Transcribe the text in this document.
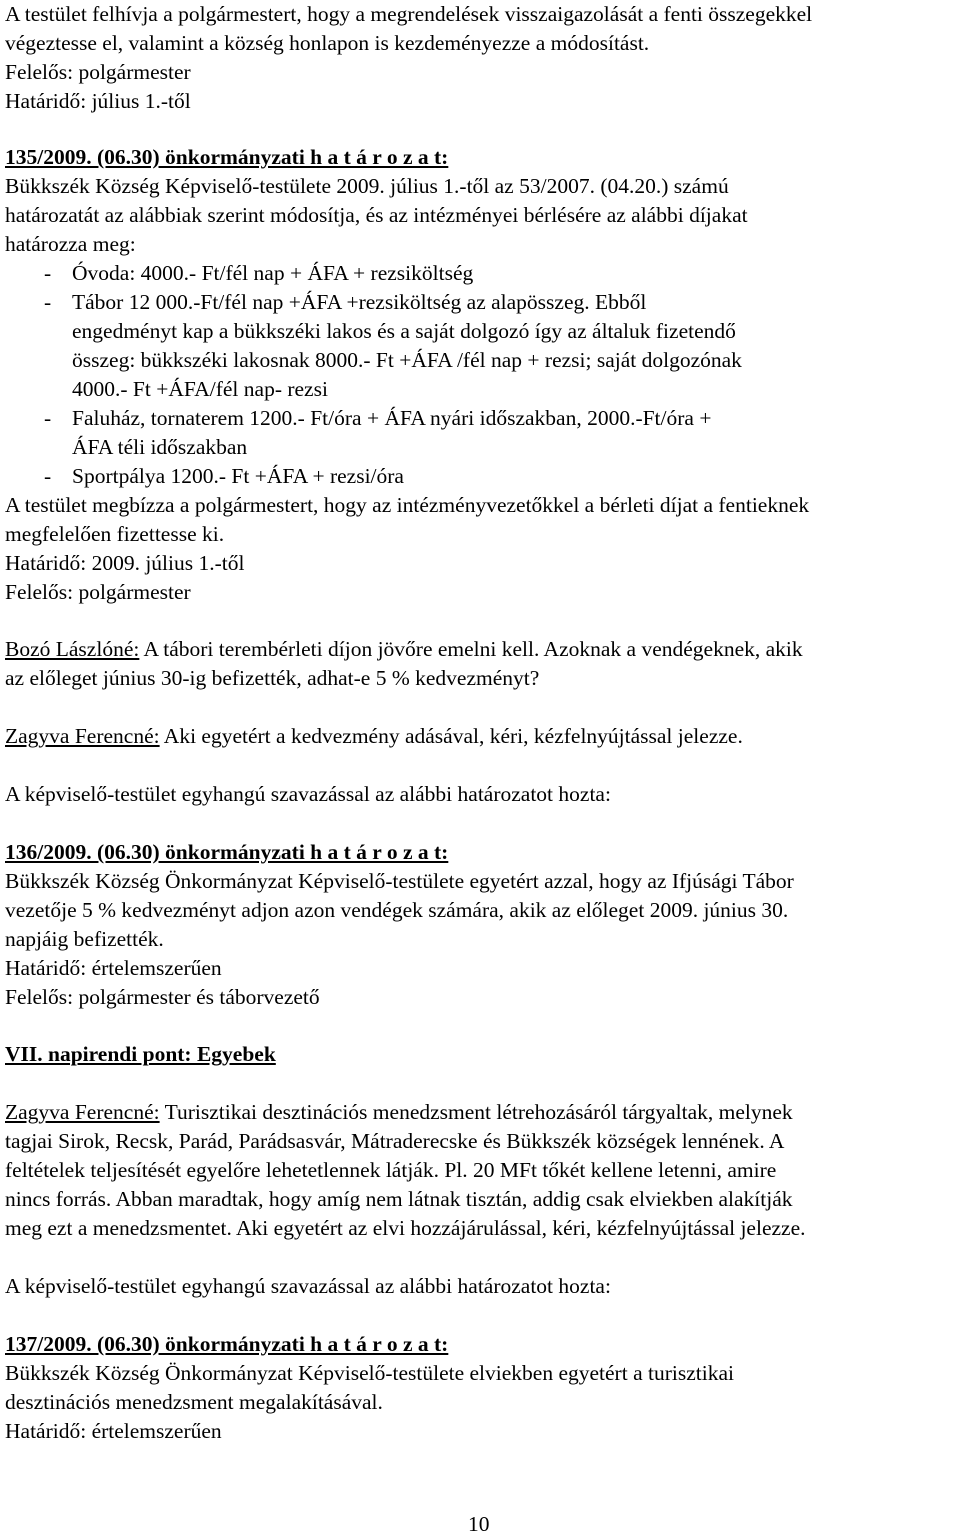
A testület felhívja a polgármestert, hogy a megrendelések visszaigazolását a fenti összegekkel
végeztesse el, valamint a község honlapon is kezdeményezze a módosítást.
Felelős: polgármester
Határidő: július 1.-től
135/2009. (06.30) önkormányzati h a t á r o z a t:
Bükkszék Község Képviselő-testülete 2009. július 1.-től az 53/2007. (04.20.) számú
határozatát az alábbiak szerint módosítja, és az intézményei bérlésére az alábbi díjakat
határozza meg:
- Óvoda: 4000.- Ft/fél nap + ÁFA + rezsiköltség
- Tábor 12 000.-Ft/fél nap +ÁFA +rezsiköltség az alapösszeg. Ebből
engedményt kap a bükkszéki lakos és a saját dolgozó így az általuk fizetendő
összeg: bükkszéki lakosnak 8000.- Ft +ÁFA /fél nap + rezsi; saját dolgozónak
4000.- Ft +ÁFA/fél nap- rezsi
- Faluház, tornaterem 1200.- Ft/óra + ÁFA nyári időszakban, 2000.-Ft/óra +
ÁFA téli időszakban
- Sportpálya 1200.- Ft +ÁFA + rezsi/óra
A testület megbízza a polgármestert, hogy az intézményvezetőkkel a bérleti díjat a fentieknek
megfelelően fizettesse ki.
Határidő: 2009. július 1.-től
Felelős: polgármester
Bozó Lászlóné: A tábori terembérleti díjon jövőre emelni kell. Azoknak a vendégeknek, akik
az előleget június 30-ig befizették, adhat-e 5 % kedvezményt?
Zagyva Ferencné: Aki egyetért a kedvezmény adásával, kéri, kézfelnyújtással jelezze.
A képviselő-testület egyhangú szavazással az alábbi határozatot hozta:
136/2009. (06.30) önkormányzati h a t á r o z a t:
Bükkszék Község Önkormányzat Képviselő-testülete egyetért azzal, hogy az Ifjúsági Tábor
vezetője 5 % kedvezményt adjon azon vendégek számára, akik az előleget 2009. június 30.
napjáig befizették.
Határidő: értelemszerűen
Felelős: polgármester és táborvezető
VII. napirendi pont: Egyebek
Zagyva Ferencné: Turisztikai desztinációs menedzsment létrehozásáról tárgyaltak, melynek
tagjai Sirok, Recsk, Parád, Parádsasvár, Mátraderecske és Bükkszék községek lennének. A
feltételek teljesítését egyelőre lehetetlennek látják. Pl. 20 MFt tőkét kellene letenni, amire
nincs forrás. Abban maradtak, hogy amíg nem látnak tisztán, addig csak elviekben alakítják
meg ezt a menedzsmentet. Aki egyetért az elvi hozzájárulással, kéri, kézfelnyújtással jelezze.
A képviselő-testület egyhangú szavazással az alábbi határozatot hozta:
137/2009. (06.30) önkormányzati h a t á r o z a t:
Bükkszék Község Önkormányzat Képviselő-testülete elviekben egyetért a turisztikai
desztinációs menedzsment megalakításával.
Határidő: értelemszerűen
10
